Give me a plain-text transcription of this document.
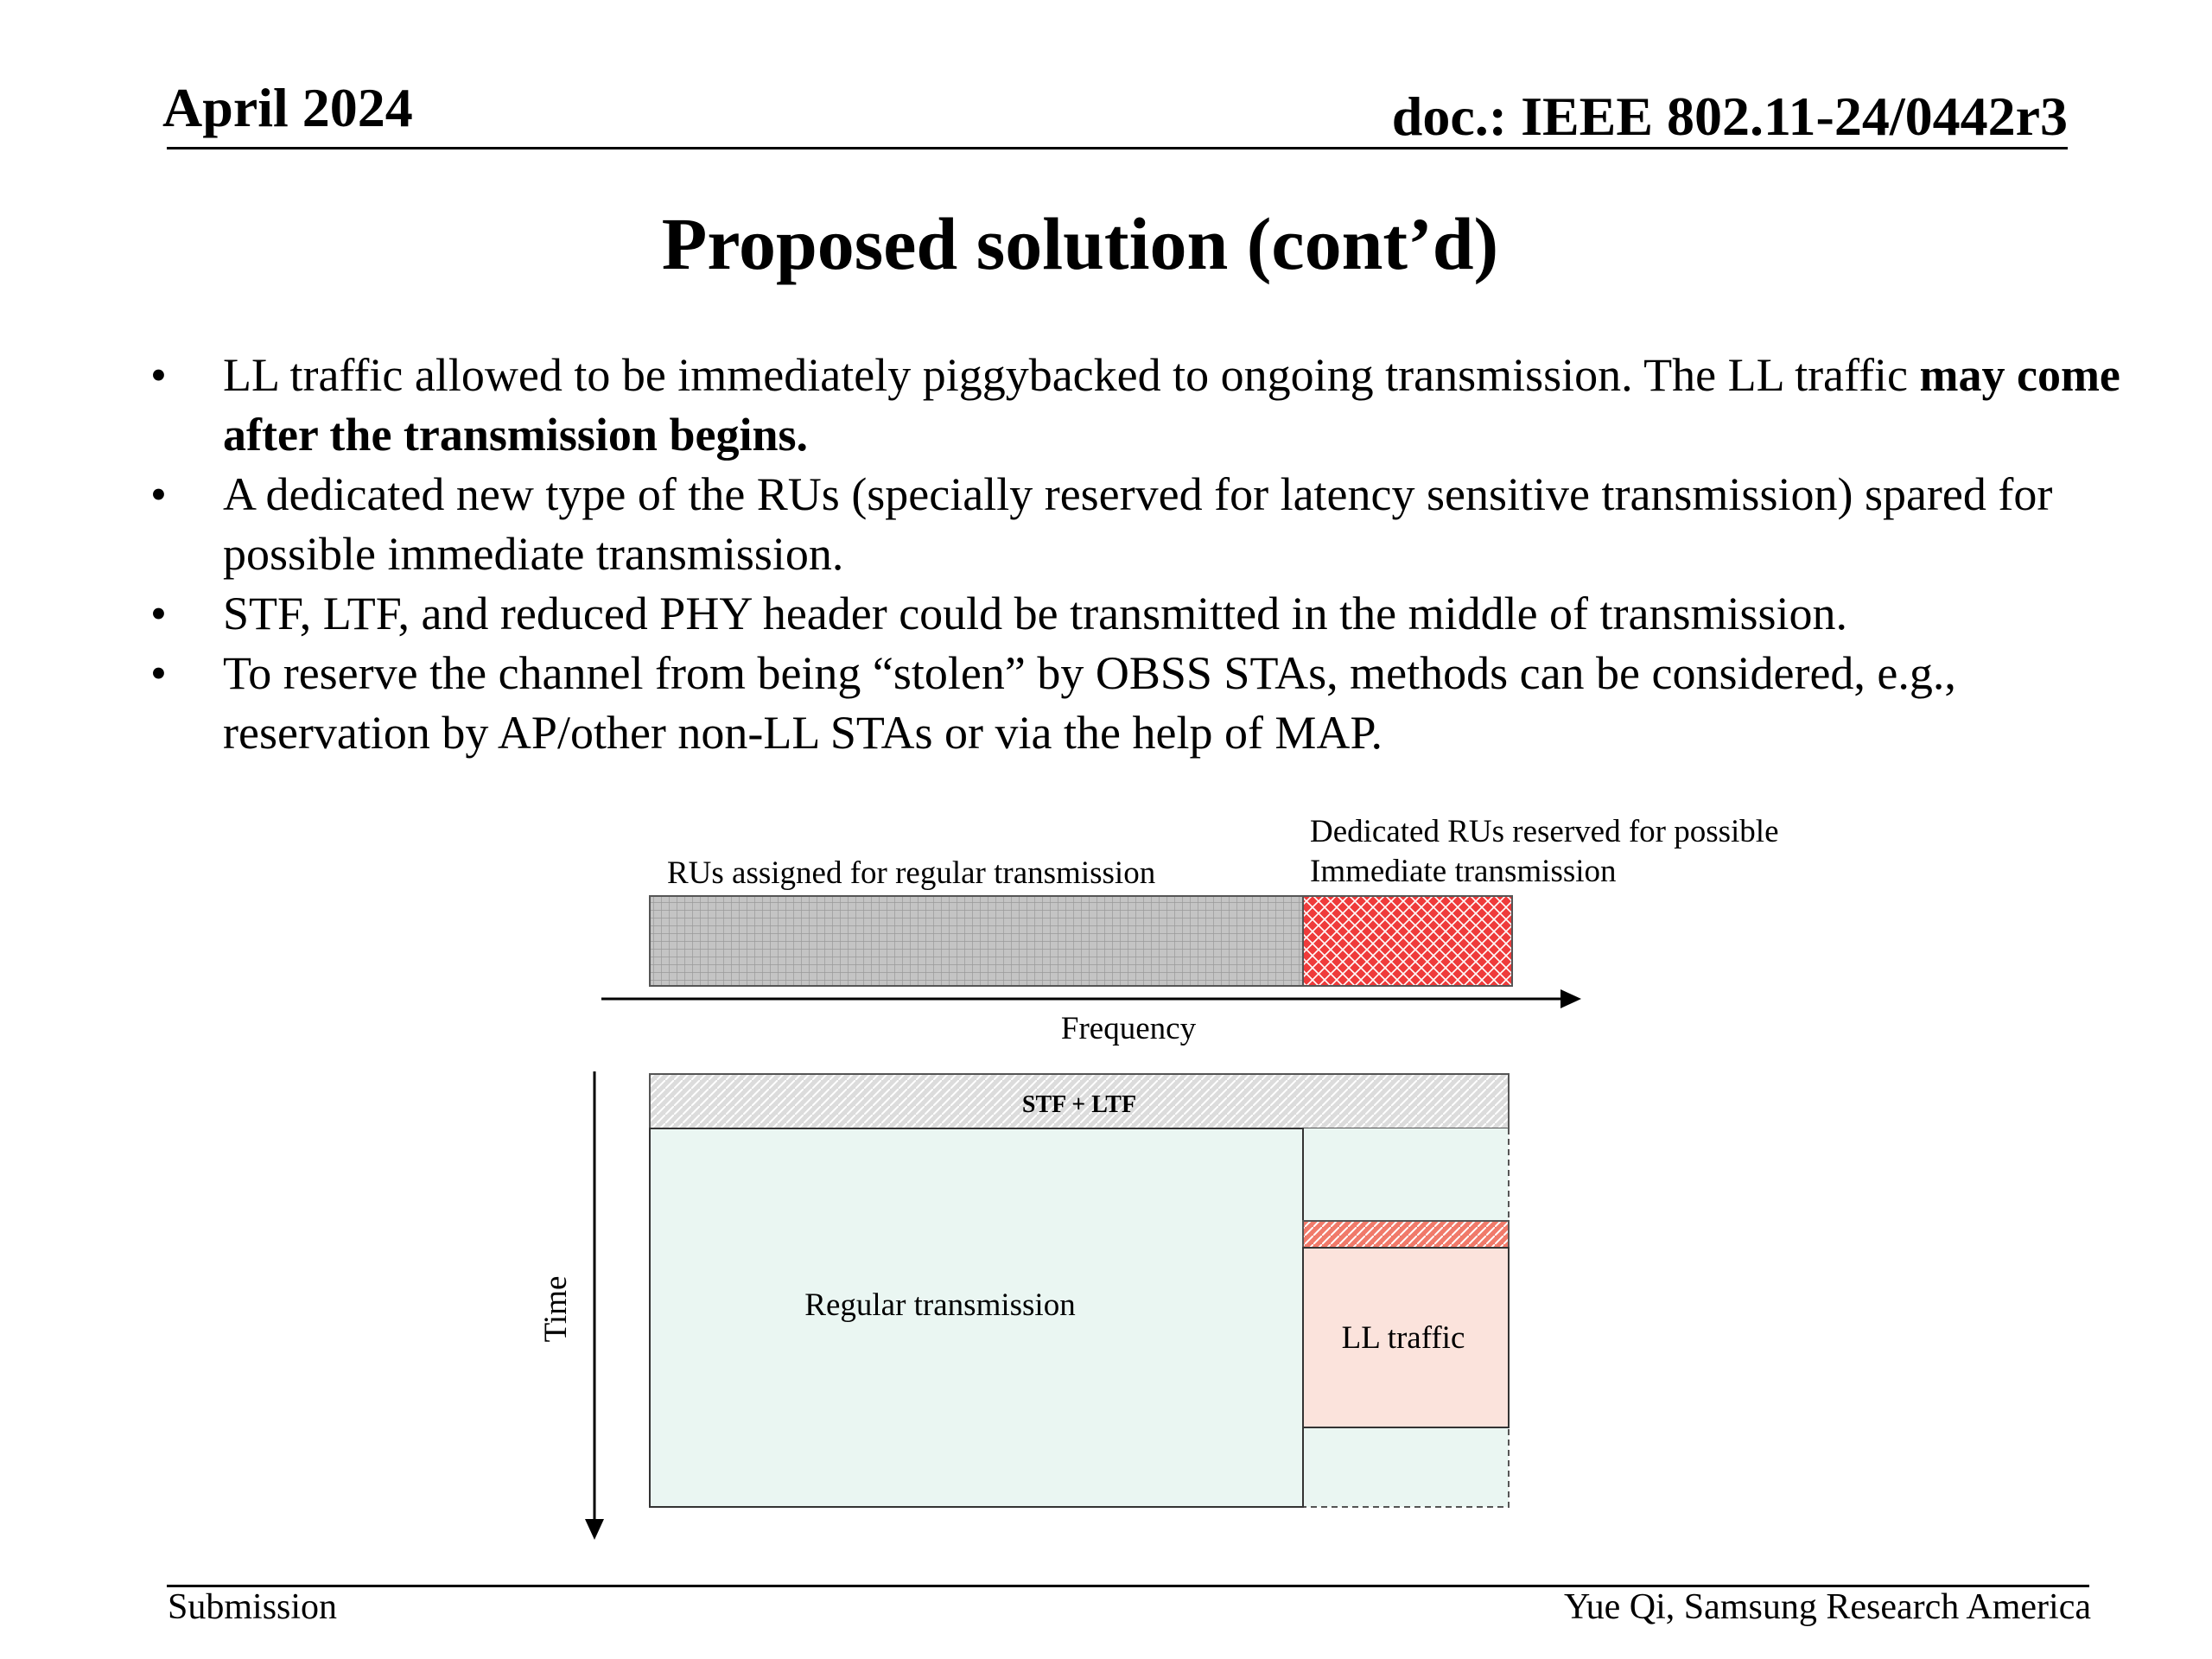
April 2024	doc.: IEEE 802.11-24/0442r3
Proposed solution (cont’d)
• LL traffic allowed to be immediately piggybacked to ongoing transmission. The LL traffic may come after the transmission begins.
• A dedicated new type of the RUs (specially reserved for latency sensitive transmission) spared for possible immediate transmission.
• STF, LTF, and reduced PHY header could be transmitted in the middle of transmission.
• To reserve the channel from being “stolen” by OBSS STAs, methods can be considered, e.g., reservation by AP/other non-LL STAs or via the help of MAP.
RUs assigned for regular transmission
Dedicated RUs reserved for possible
Immediate transmission
Frequency
Time
STF + LTF
Regular transmission
LL traffic
Submission	Yue Qi, Samsung Research America
